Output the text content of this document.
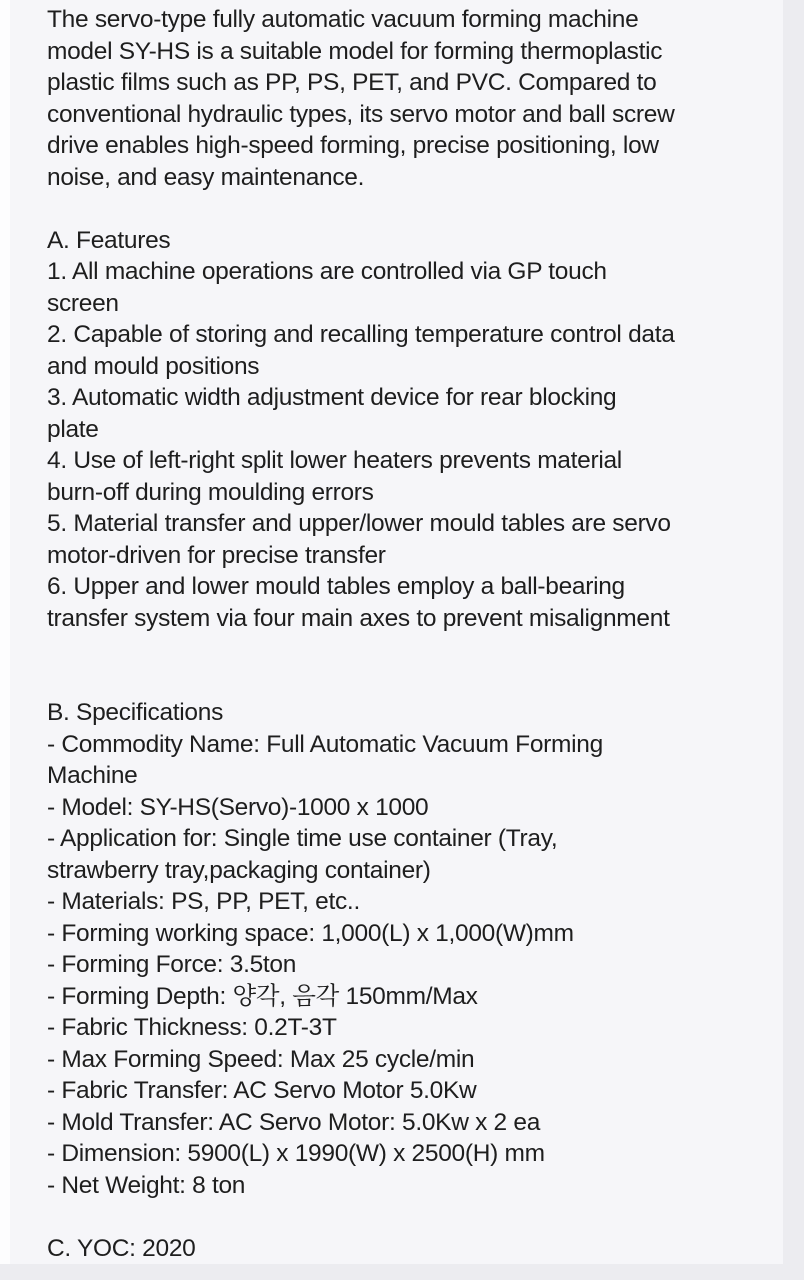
The servo-type fully automatic vacuum forming machine
model SY-HS is a suitable model for forming thermoplastic
plastic films such as PP, PS, PET, and PVC. Compared to
conventional hydraulic types, its servo motor and ball screw
drive enables high-speed forming, precise positioning, low
noise, and easy maintenance.
A. Features
1. All machine operations are controlled via GP touch
screen
2. Capable of storing and recalling temperature control data
and mould positions
3. Automatic width adjustment device for rear blocking
plate
4. Use of left-right split lower heaters prevents material
burn-off during moulding errors
5. Material transfer and upper/lower mould tables are servo
motor-driven for precise transfer
6. Upper and lower mould tables employ a ball-bearing
transfer system via four main axes to prevent misalignment
B. Specifications
- Commodity Name: Full Automatic Vacuum Forming
Machine
- Model: SY-HS(Servo)-1000 x 1000
- Application for: Single time use container (Tray,
strawberry tray,packaging container)
- Materials: PS, PP, PET, etc..
- Forming working space: 1,000(L) x 1,000(W)mm
- Forming Force: 3.5ton
- Forming Depth: 양각, 음각 150mm/Max
- Fabric Thickness: 0.2T-3T
- Max Forming Speed: Max 25 cycle/min
- Fabric Transfer: AC Servo Motor 5.0Kw
- Mold Transfer: AC Servo Motor: 5.0Kw x 2 ea
- Dimension: 5900(L) x 1990(W) x 2500(H) mm
- Net Weight: 8 ton
C. YOC: 2020
